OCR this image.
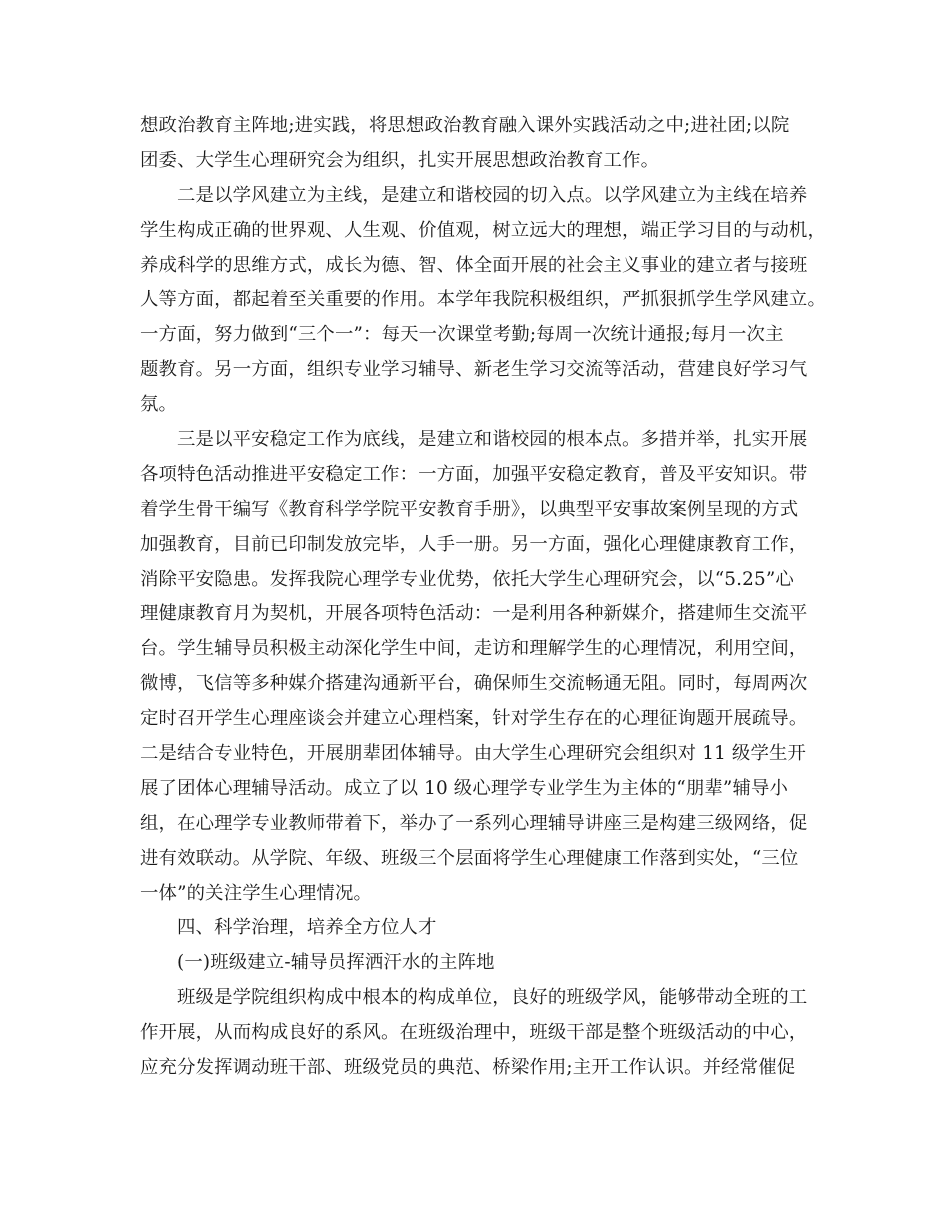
想政治教育主阵地;进实践，将思想政治教育融入课外实践活动之中;进社团;以院
团委、大学生心理研究会为组织，扎实开展思想政治教育工作。
二是以学风建立为主线，是建立和谐校园的切入点。以学风建立为主线在培养
学生构成正确的世界观、人生观、价值观，树立远大的理想，端正学习目的与动机，
养成科学的思维方式，成长为德、智、体全面开展的社会主义事业的建立者与接班
人等方面，都起着至关重要的作用。本学年我院积极组织，严抓狠抓学生学风建立。
一方面，努力做到“三个一”：每天一次课堂考勤;每周一次统计通报;每月一次主
题教育。另一方面，组织专业学习辅导、新老生学习交流等活动，营建良好学习气
氛。
三是以平安稳定工作为底线，是建立和谐校园的根本点。多措并举，扎实开展
各项特色活动推进平安稳定工作：一方面，加强平安稳定教育，普及平安知识。带
着学生骨干编写《教育科学学院平安教育手册》，以典型平安事故案例呈现的方式
加强教育，目前已印制发放完毕，人手一册。另一方面，强化心理健康教育工作，
消除平安隐患。发挥我院心理学专业优势，依托大学生心理研究会，以“5.25”心
理健康教育月为契机，开展各项特色活动：一是利用各种新媒介，搭建师生交流平
台。学生辅导员积极主动深化学生中间，走访和理解学生的心理情况，利用空间，
微博，飞信等多种媒介搭建沟通新平台，确保师生交流畅通无阻。同时，每周两次
定时召开学生心理座谈会并建立心理档案，针对学生存在的心理征询题开展疏导。
二是结合专业特色，开展朋辈团体辅导。由大学生心理研究会组织对 11 级学生开
展了团体心理辅导活动。成立了以 10 级心理学专业学生为主体的“朋辈”辅导小
组，在心理学专业教师带着下，举办了一系列心理辅导讲座三是构建三级网络，促
进有效联动。从学院、年级、班级三个层面将学生心理健康工作落到实处，“三位
一体”的关注学生心理情况。
四、科学治理，培养全方位人才
(一)班级建立-辅导员挥洒汗水的主阵地
班级是学院组织构成中根本的构成单位，良好的班级学风，能够带动全班的工
作开展，从而构成良好的系风。在班级治理中，班级干部是整个班级活动的中心，
应充分发挥调动班干部、班级党员的典范、桥梁作用;主开工作认识。并经常催促
